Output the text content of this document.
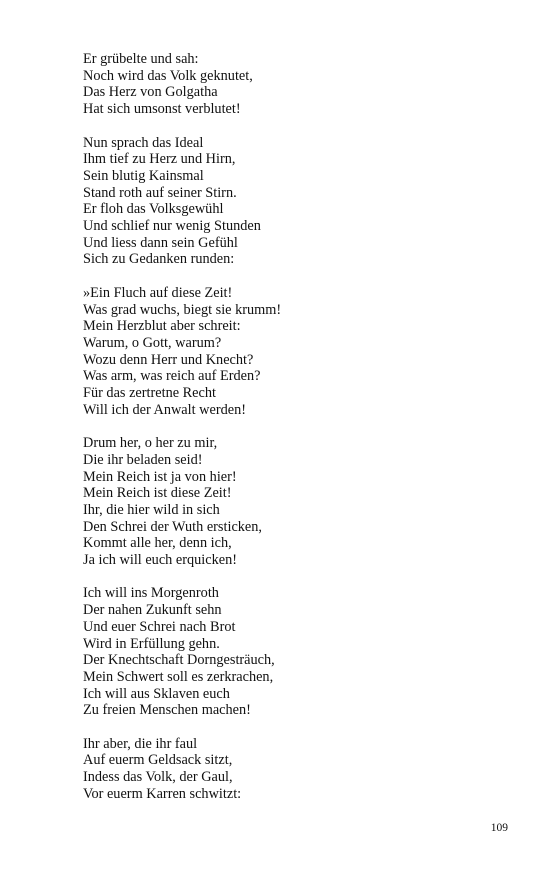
Er grübelte und sah:
Noch wird das Volk geknutet,
Das Herz von Golgatha
Hat sich umsonst verblutet!
Nun sprach das Ideal
Ihm tief zu Herz und Hirn,
Sein blutig Kainsmal
Stand roth auf seiner Stirn.
Er floh das Volksgewühl
Und schlief nur wenig Stunden
Und liess dann sein Gefühl
Sich zu Gedanken runden:
»Ein Fluch auf diese Zeit!
Was grad wuchs, biegt sie krumm!
Mein Herzblut aber schreit:
Warum, o Gott, warum?
Wozu denn Herr und Knecht?
Was arm, was reich auf Erden?
Für das zertretne Recht
Will ich der Anwalt werden!
Drum her, o her zu mir,
Die ihr beladen seid!
Mein Reich ist ja von hier!
Mein Reich ist diese Zeit!
Ihr, die hier wild in sich
Den Schrei der Wuth ersticken,
Kommt alle her, denn ich,
Ja ich will euch erquicken!
Ich will ins Morgenroth
Der nahen Zukunft sehn
Und euer Schrei nach Brot
Wird in Erfüllung gehn.
Der Knechtschaft Dorngesträuch,
Mein Schwert soll es zerkrachen,
Ich will aus Sklaven euch
Zu freien Menschen machen!
Ihr aber, die ihr faul
Auf euerm Geldsack sitzt,
Indess das Volk, der Gaul,
Vor euerm Karren schwitzt:
109
